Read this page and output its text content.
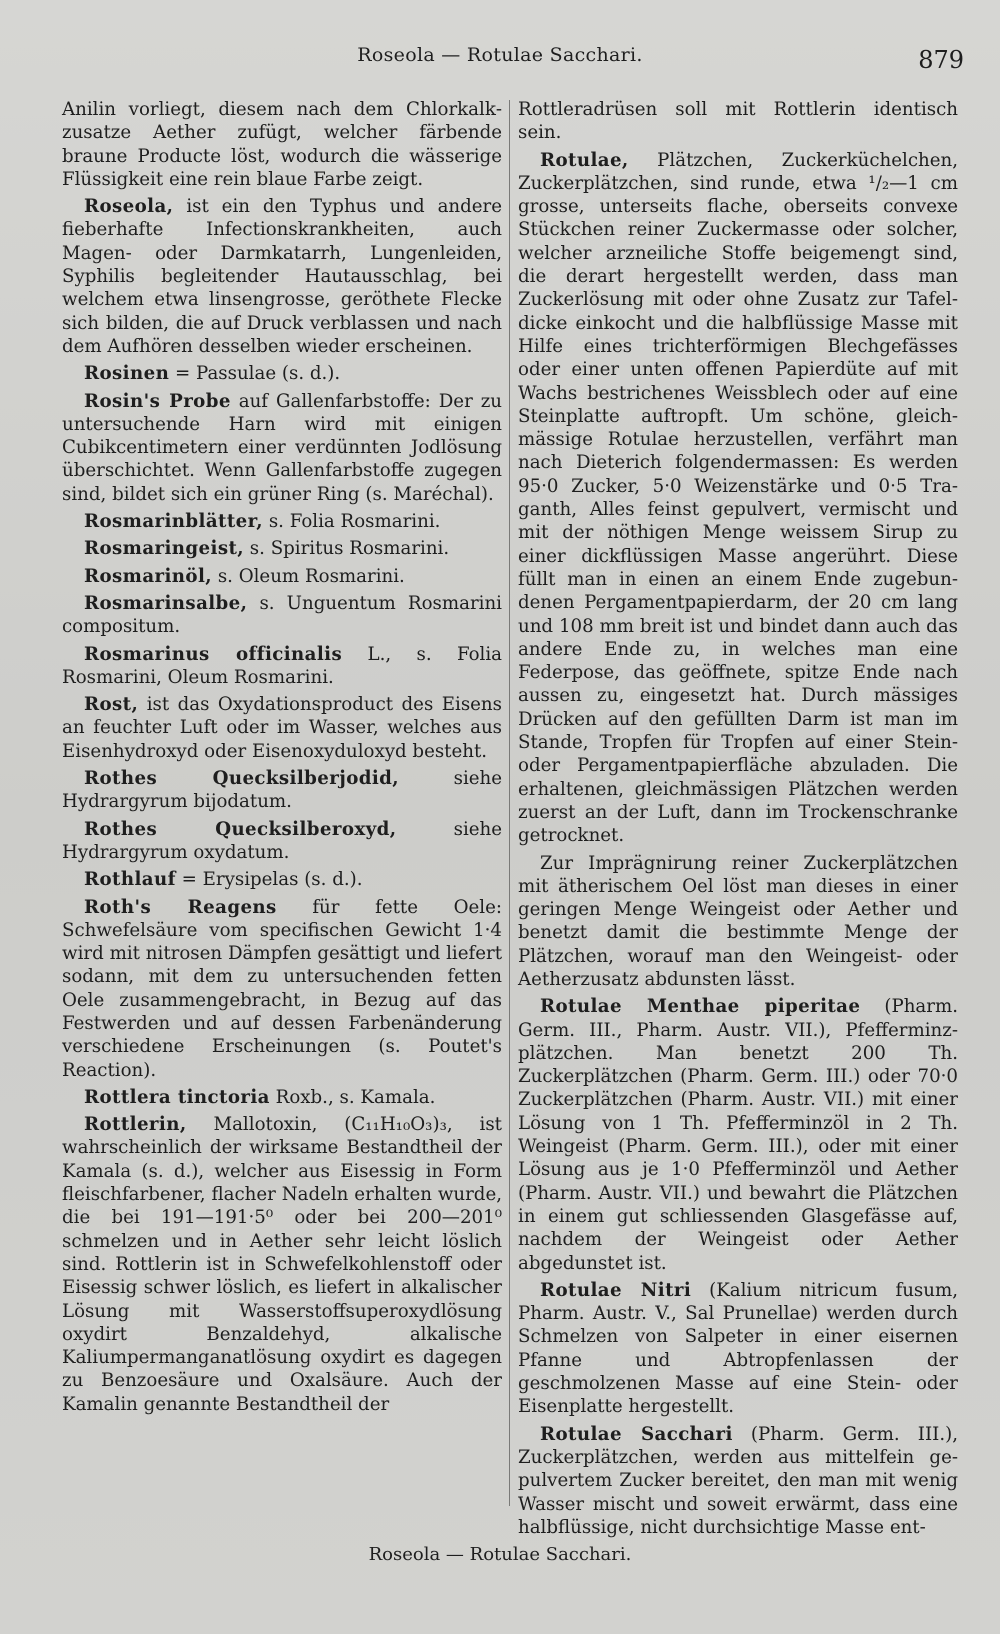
Roseola — Rotulae Sacchari.	879

Anilin vorliegt, diesem nach dem Chlorkalkzusatze Aether zufügt, welcher färbende braune Producte löst, wodurch die wässerige Flüssigkeit eine rein blaue Farbe zeigt.

Roseola, ist ein den Typhus und andere fieberhafte Infectionskrankheiten, auch Magen- oder Darmkatarrh, Lungenleiden, Syphilis begleitender Hautausschlag, bei welchem etwa linsengrosse, geröthete Flecke sich bilden, die auf Druck verblassen und nach dem Aufhören desselben wieder erscheinen.

Rosinen = Passulae (s. d.).

Rosin's Probe auf Gallenfarbstoffe: Der zu untersuchende Harn wird mit einigen Cubikcentimetern einer verdünnten Jodlösung überschichtet. Wenn Gallenfarbstoffe zugegen sind, bildet sich ein grüner Ring (s. Maréchal).

Rosmarinblätter, s. Folia Rosmarini.

Rosmaringeist, s. Spiritus Rosmarini.

Rosmarinöl, s. Oleum Rosmarini.

Rosmarinsalbe, s. Unguentum Rosmarini compositum.

Rosmarinus officinalis L., s. Folia Rosmarini, Oleum Rosmarini.

Rost, ist das Oxydationsproduct des Eisens an feuchter Luft oder im Wasser, welches aus Eisenhydroxyd oder Eisenoxyduloxyd besteht.

Rothes Quecksilberjodid,	siehe Hydrargyrum bijodatum.

Rothes Quecksilberoxyd,	siehe Hydrargyrum oxydatum.

Rothlauf = Erysipelas (s. d.).

Roth's Reagens für fette Oele: Schwefelsäure vom specifischen Gewicht 1·4 wird mit nitrosen Dämpfen gesättigt und liefert sodann, mit dem zu untersuchenden fetten Oele zusammengebracht, in Bezug auf das Festwerden und auf dessen Farbenänderung verschiedene Erscheinungen (s. Poutet's Reaction).

Rottlera tinctoria Roxb., s. Kamala.

Rottlerin, Mallotoxin, (C₁₁H₁₀O₃)₃, ist wahrscheinlich der wirksame Bestandtheil der Kamala (s. d.), welcher aus Eisessig in Form fleischfarbener, flacher Nadeln erhalten wurde, die bei 191—191·5⁰ oder bei 200—201⁰ schmelzen und in Aether sehr leicht löslich sind. Rottlerin ist in Schwefelkohlenstoff oder Eisessig schwer löslich, es liefert in alkalischer Lösung mit Wasserstoffsuperoxydlösung oxydirt Benzaldehyd, alkalische Kaliumpermanganatlösung oxydirt es dagegen zu Benzoesäure und Oxalsäure. Auch der Kamalin genannte Bestandtheil der

Rottleradrüsen soll mit Rottlerin identisch sein.

Rotulae, Plätzchen, Zuckerküchelchen, Zuckerplätzchen, sind runde, etwa ¹/₂—1 cm grosse, unterseits flache, oberseits convexe Stückchen reiner Zuckermasse oder solcher, welcher arzneiliche Stoffe beigemengt sind, die derart hergestellt werden, dass man Zuckerlösung mit oder ohne Zusatz zur Tafeldicke einkocht und die halbflüssige Masse mit Hilfe eines trichterförmigen Blechgefässes oder einer unten offenen Papierdüte auf mit Wachs bestrichenes Weissblech oder auf eine Steinplatte auftropft. Um schöne, gleichmässige Rotulae herzustellen, verfährt man nach Dieterich folgendermassen: Es werden 95·0 Zucker, 5·0 Weizenstärke und 0·5 Traganth, Alles feinst gepulvert, vermischt und mit der nöthigen Menge weissem Sirup zu einer dickflüssigen Masse angerührt. Diese füllt man in einen an einem Ende zugebundenen Pergamentpapierdarm, der 20 cm lang und 108 mm breit ist und bindet dann auch das andere Ende zu, in welches man eine Federpose, das geöffnete, spitze Ende nach aussen zu, eingesetzt hat. Durch mässiges Drücken auf den gefüllten Darm ist man im Stande, Tropfen für Tropfen auf einer Stein- oder Pergamentpapierfläche abzuladen. Die erhaltenen, gleichmässigen Plätzchen werden zuerst an der Luft, dann im Trockenschranke getrocknet.

Zur Imprägnirung reiner Zuckerplätzchen mit ätherischem Oel löst man dieses in einer geringen Menge Weingeist oder Aether und benetzt damit die bestimmte Menge der Plätzchen, worauf man den Weingeist- oder Aetherzusatz abdunsten lässt.

Rotulae Menthae piperitae (Pharm. Germ. III., Pharm. Austr. VII.), Pfefferminzplätzchen. Man benetzt 200 Th. Zuckerplätzchen (Pharm. Germ. III.) oder 70·0 Zuckerplätzchen (Pharm. Austr. VII.) mit einer Lösung von 1 Th. Pfefferminzöl in 2 Th. Weingeist (Pharm. Germ. III.), oder mit einer Lösung aus je 1·0 Pfefferminzöl und Aether (Pharm. Austr. VII.) und bewahrt die Plätzchen in einem gut schliessenden Glasgefässe auf, nachdem der Weingeist oder Aether abgedunstet ist.

Rotulae Nitri (Kalium nitricum fusum, Pharm. Austr. V., Sal Prunellae) werden durch Schmelzen von Salpeter in einer eisernen Pfanne und Abtropfenlassen der geschmolzenen Masse auf eine Stein- oder Eisenplatte hergestellt.

Rotulae Sacchari (Pharm. Germ. III.), Zuckerplätzchen, werden aus mittelfein gepulvertem Zucker bereitet, den man mit wenig Wasser mischt und soweit erwärmt, dass eine halbflüssige, nicht durchsichtige Masse ent-

Roseola — Rotulae Sacchari.
